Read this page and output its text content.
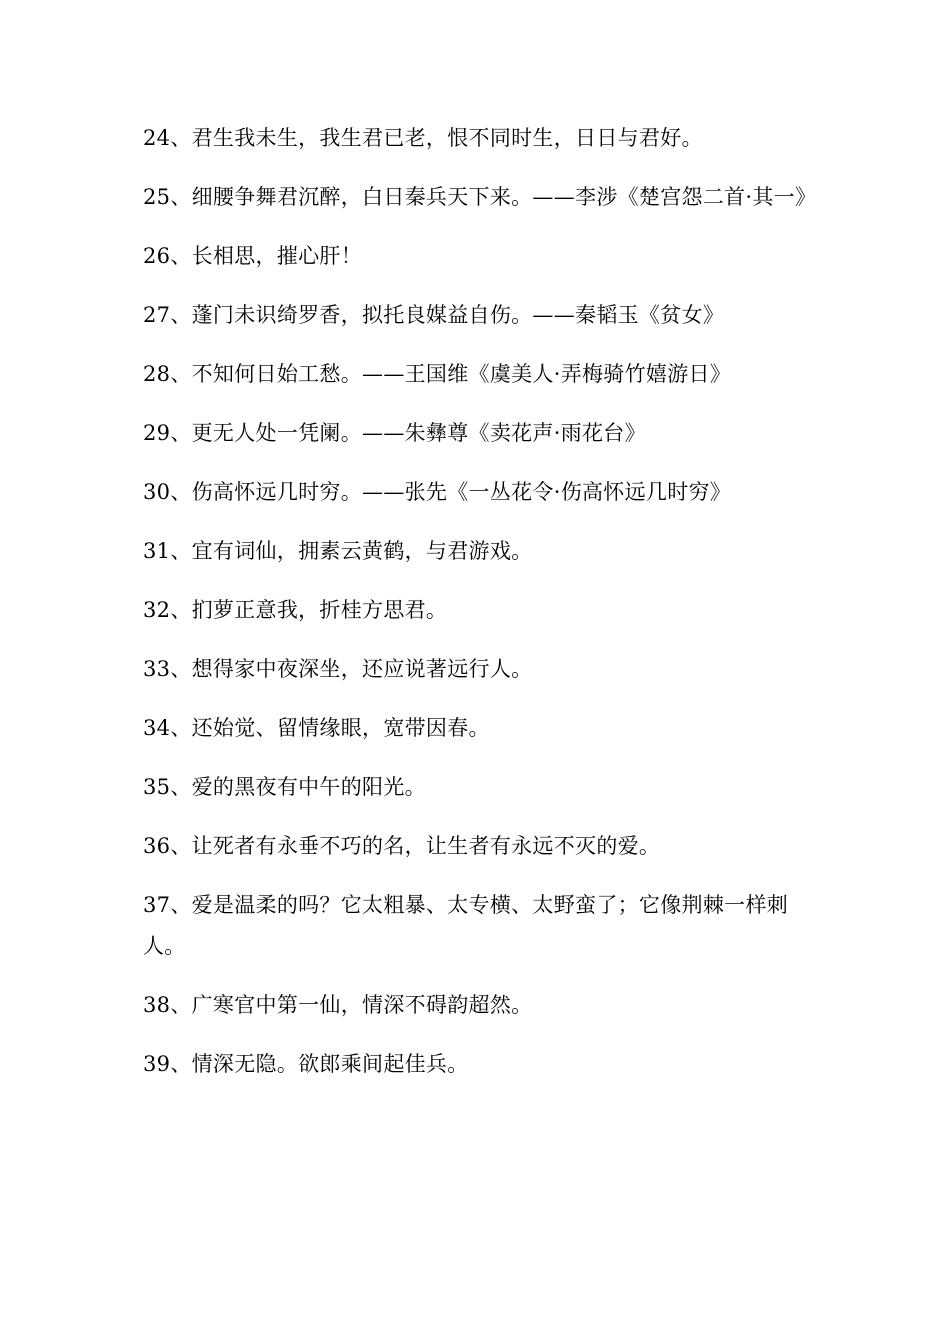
24、君生我未生，我生君已老，恨不同时生，日日与君好。

25、细腰争舞君沉醉，白日秦兵天下来。——李涉《楚宫怨二首·其一》

26、长相思，摧心肝！

27、蓬门未识绮罗香，拟托良媒益自伤。——秦韬玉《贫女》

28、不知何日始工愁。——王国维《虞美人·弄梅骑竹嬉游日》

29、更无人处一凭阑。——朱彝尊《卖花声·雨花台》

30、伤高怀远几时穷。——张先《一丛花令·伤高怀远几时穷》

31、宜有词仙，拥素云黄鹤，与君游戏。

32、扪萝正意我，折桂方思君。

33、想得家中夜深坐，还应说著远行人。

34、还始觉、留情缘眼，宽带因春。

35、爱的黑夜有中午的阳光。

36、让死者有永垂不巧的名，让生者有永远不灭的爱。

37、爱是温柔的吗？它太粗暴、太专横、太野蛮了；它像荆棘一样刺人。

38、广寒官中第一仙，情深不碍韵超然。

39、情深无隐。欲郎乘间起佳兵。
